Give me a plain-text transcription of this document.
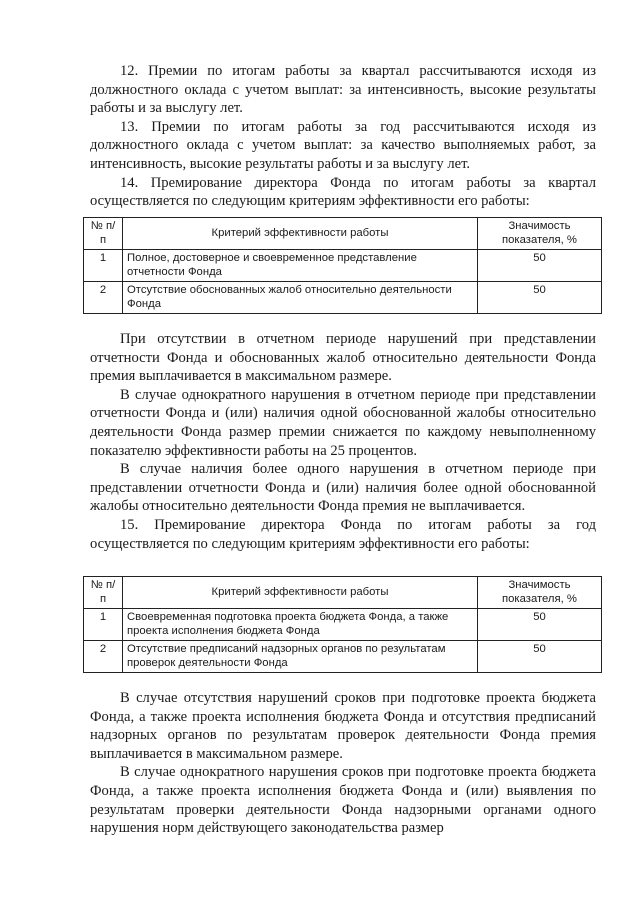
12. Премии по итогам работы за квартал рассчитываются исходя из должностного оклада с учетом выплат: за интенсивность, высокие результаты работы и за выслугу лет.

13. Премии по итогам работы за год рассчитываются исходя из должностного оклада с учетом выплат: за качество выполняемых работ, за интенсивность, высокие результаты работы и за выслугу лет.

14. Премирование директора Фонда по итогам работы за квартал осуществляется по следующим критериям эффективности его работы:

№ п/п	Критерий эффективности работы	Значимость показателя, %
1	Полное, достоверное и своевременное представление отчетности Фонда	50
2	Отсутствие обоснованных жалоб относительно деятельности Фонда	50

При отсутствии в отчетном периоде нарушений при представлении отчетности Фонда и обоснованных жалоб относительно деятельности Фонда премия выплачивается в максимальном размере.

В случае однократного нарушения в отчетном периоде при представлении отчетности Фонда и (или) наличия одной обоснованной жалобы относительно деятельности Фонда размер премии снижается по каждому невыполненному показателю эффективности работы на 25 процентов.

В случае наличия более одного нарушения в отчетном периоде при представлении отчетности Фонда и (или) наличия более одной обоснованной жалобы относительно деятельности Фонда премия не выплачивается.

15. Премирование директора Фонда по итогам работы за год осуществляется по следующим критериям эффективности его работы:

№ п/п	Критерий эффективности работы	Значимость показателя, %
1	Своевременная подготовка проекта бюджета Фонда, а также проекта исполнения бюджета Фонда	50
2	Отсутствие предписаний надзорных органов по результатам проверок деятельности Фонда	50

В случае отсутствия нарушений сроков при подготовке проекта бюджета Фонда, а также проекта исполнения бюджета Фонда и отсутствия предписаний надзорных органов по результатам проверок деятельности Фонда премия выплачивается в максимальном размере.

В случае однократного нарушения сроков при подготовке проекта бюджета Фонда, а также проекта исполнения бюджета Фонда и (или) выявления по результатам проверки деятельности Фонда надзорными органами одного нарушения норм действующего законодательства размер
